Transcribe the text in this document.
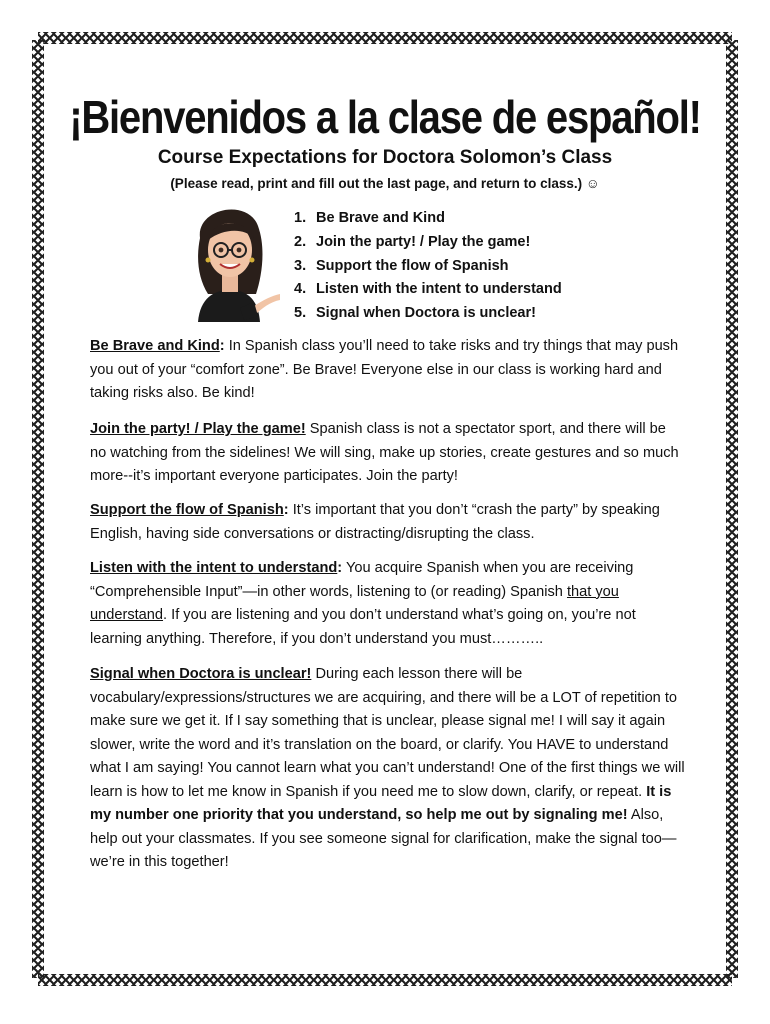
¡Bienvenidos a la clase de español!
Course Expectations for Doctora Solomon’s Class
(Please read, print and fill out the last page, and return to class.) ☺
1. Be Brave and Kind
2. Join the party! / Play the game!
3. Support the flow of Spanish
4. Listen with the intent to understand
5. Signal when Doctora is unclear!

Be Brave and Kind: In Spanish class you’ll need to take risks and try things that may push you out of your “comfort zone”. Be Brave! Everyone else in our class is working hard and taking risks also. Be kind!

Join the party! / Play the game! Spanish class is not a spectator sport, and there will be no watching from the sidelines! We will sing, make up stories, create gestures and so much more--it’s important everyone participates. Join the party!

Support the flow of Spanish: It’s important that you don’t “crash the party” by speaking English, having side conversations or distracting/disrupting the class.

Listen with the intent to understand: You acquire Spanish when you are receiving “Comprehensible Input”—in other words, listening to (or reading) Spanish that you understand. If you are listening and you don’t understand what’s going on, you’re not learning anything. Therefore, if you don’t understand you must………..

Signal when Doctora is unclear! During each lesson there will be vocabulary/expressions/structures we are acquiring, and there will be a LOT of repetition to make sure we get it. If I say something that is unclear, please signal me! I will say it again slower, write the word and it’s translation on the board, or clarify. You HAVE to understand what I am saying! You cannot learn what you can’t understand! One of the first things we will learn is how to let me know in Spanish if you need me to slow down, clarify, or repeat. It is my number one priority that you understand, so help me out by signaling me! Also, help out your classmates. If you see someone signal for clarification, make the signal too—we’re in this together!
